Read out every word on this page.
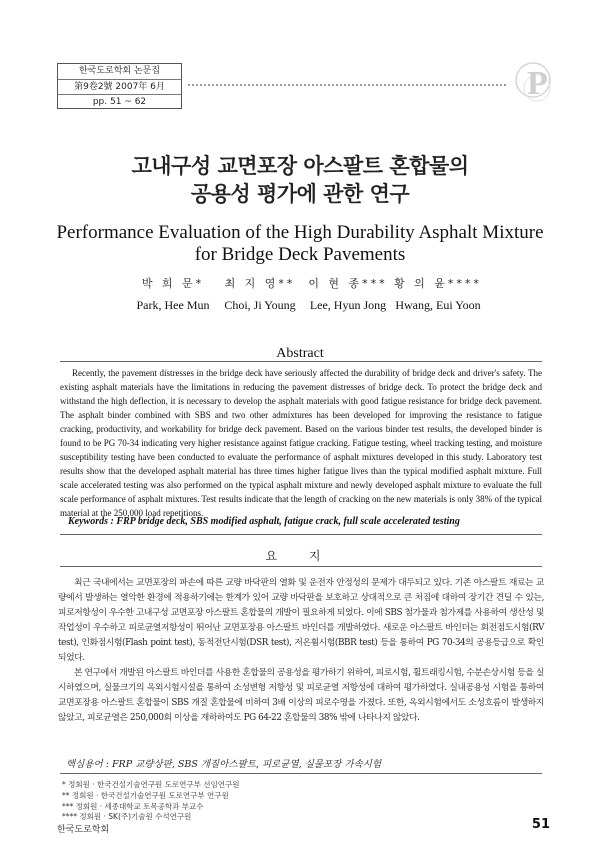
한국도로학회 논문집
第9卷2號 2007年 6月
pp. 51 ~ 62
P
고내구성 교면포장 아스팔트 혼합물의
공용성 평가에 관한 연구
Performance Evaluation of the High Durability Asphalt Mixture
for Bridge Deck Pavements
박 희 문*
Park, Hee Mun
최 지 영**
Choi, Ji Young
이 현 종***
Lee, Hyun Jong
황 의 윤****
Hwang, Eui Yoon
Abstract

Recently, the pavement distresses in the bridge deck have seriously affected the durability of bridge deck and driver's safety. The existing asphalt materials have the limitations in reducing the pavement distresses of bridge deck. To protect the bridge deck and withstand the high deflection, it is necessary to develop the asphalt materials with good fatigue resistance for bridge deck pavement. The asphalt binder combined with SBS and two other admixtures has been developed for improving the resistance to fatigue cracking, productivity, and workability for bridge deck pavement. Based on the various binder test results, the developed binder is found to be PG 70-34 indicating very higher resistance against fatigue cracking. Fatigue testing, wheel tracking testing, and moisture susceptibility testing have been conducted to evaluate the performance of asphalt mixtures developed in this study. Laboratory test results show that the developed asphalt material has three times higher fatigue lives than the typical modified asphalt mixture. Full scale accelerated testing was also performed on the typical asphalt mixture and newly developed asphalt mixture to evaluate the full scale performance of asphalt mixtures. Test results indicate that the length of cracking on the new materials is only 38% of the typical material at the 250,000 load repetitions.

Keywords : FRP bridge deck, SBS modified asphalt, fatigue crack, full scale accelerated testing
요 지

최근 국내에서는 교면포장의 파손에 따른 교량 바닥판의 열화 및 운전자 안정성의 문제가 대두되고 있다. 기존 아스팔트 재료는 교량에서 발생하는 열악한 환경에 적용하기에는 한계가 있어 교량 바닥판을 보호하고 상대적으로 큰 처짐에 대하여 장기간 견딜 수 있는, 피로저항성이 우수한 고내구성 교면포장 아스팔트 혼합물의 개발이 필요하게 되었다. 이에 SBS 첨가물과 첨가제를 사용하여 생산성 및 작업성이 우수하고 피로균열저항성이 뛰어난 교면포장용 아스팔트 바인더를 개발하였다. 새로운 아스팔트 바인더는 회전점도시험(RV test), 인화점시험(Flash point test), 동적전단시험(DSR test), 저온휨시험(BBR test) 등을 통하여 PG 70-34의 공용등급으로 확인되었다.

본 연구에서 개발된 아스팔트 바인더를 사용한 혼합물의 공용성을 평가하기 위하여, 피로시험, 휠트래킹시험, 수분손상시험 등을 실시하였으며, 실물크기의 옥외시험시설을 통하여 소성변형 저항성 및 피로균열 저항성에 대하여 평가하였다. 실내공용성 시험을 통하여 교면포장용 아스팔트 혼합물이 SBS 개질 혼합물에 비하여 3배 이상의 피로수명을 가졌다. 또한, 옥외시험에서도 소성흐름이 발생하지 않았고, 피로균열은 250,000회 이상을 재하하여도 PG 64-22 혼합물의 38% 밖에 나타나지 않았다.

핵심용어 : FRP 교량상판, SBS 개질아스팔트, 피로균열, 실물포장 가속시험
* 정회원 · 한국건설기술연구원 도로연구부 선임연구원
** 정회원 · 한국건설기술연구원 도로연구부 연구원
*** 정회원 · 세종대학교 토목공학과 부교수
**** 정회원 · SK(주)기술원 수석연구원
한국도로학회	51
